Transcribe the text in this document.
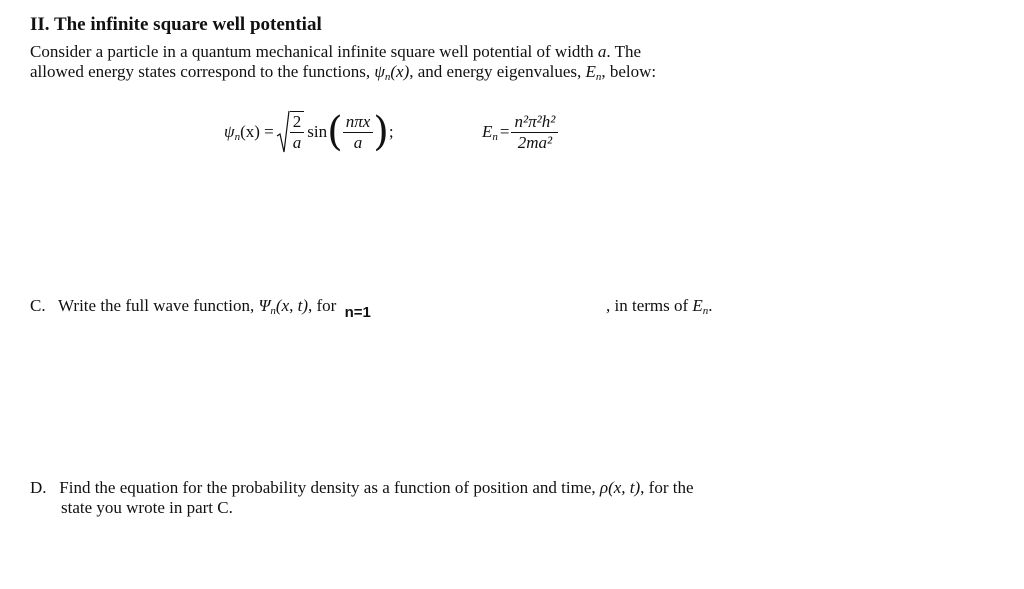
II. The infinite square well potential
Consider a particle in a quantum mechanical infinite square well potential of width a. The
allowed energy states correspond to the functions, $\psi_n(x)$, and energy eigenvalues, $E_n$, below:
$\psi_n(x) = \frac{2}{a}$ sin ( $\frac{\text{nπx}}{a}$ ) ;	$E_n = \frac{\text{n²π²h²}}{\text{2ma²}}$
C. Write the full wave function, $\Psi_n(x$, t), for n=1	, in terms of $E_n$.
D. Find the equation for the probability density as a function of position and time, ρ(x, t), for the
state you wrote in part C.
